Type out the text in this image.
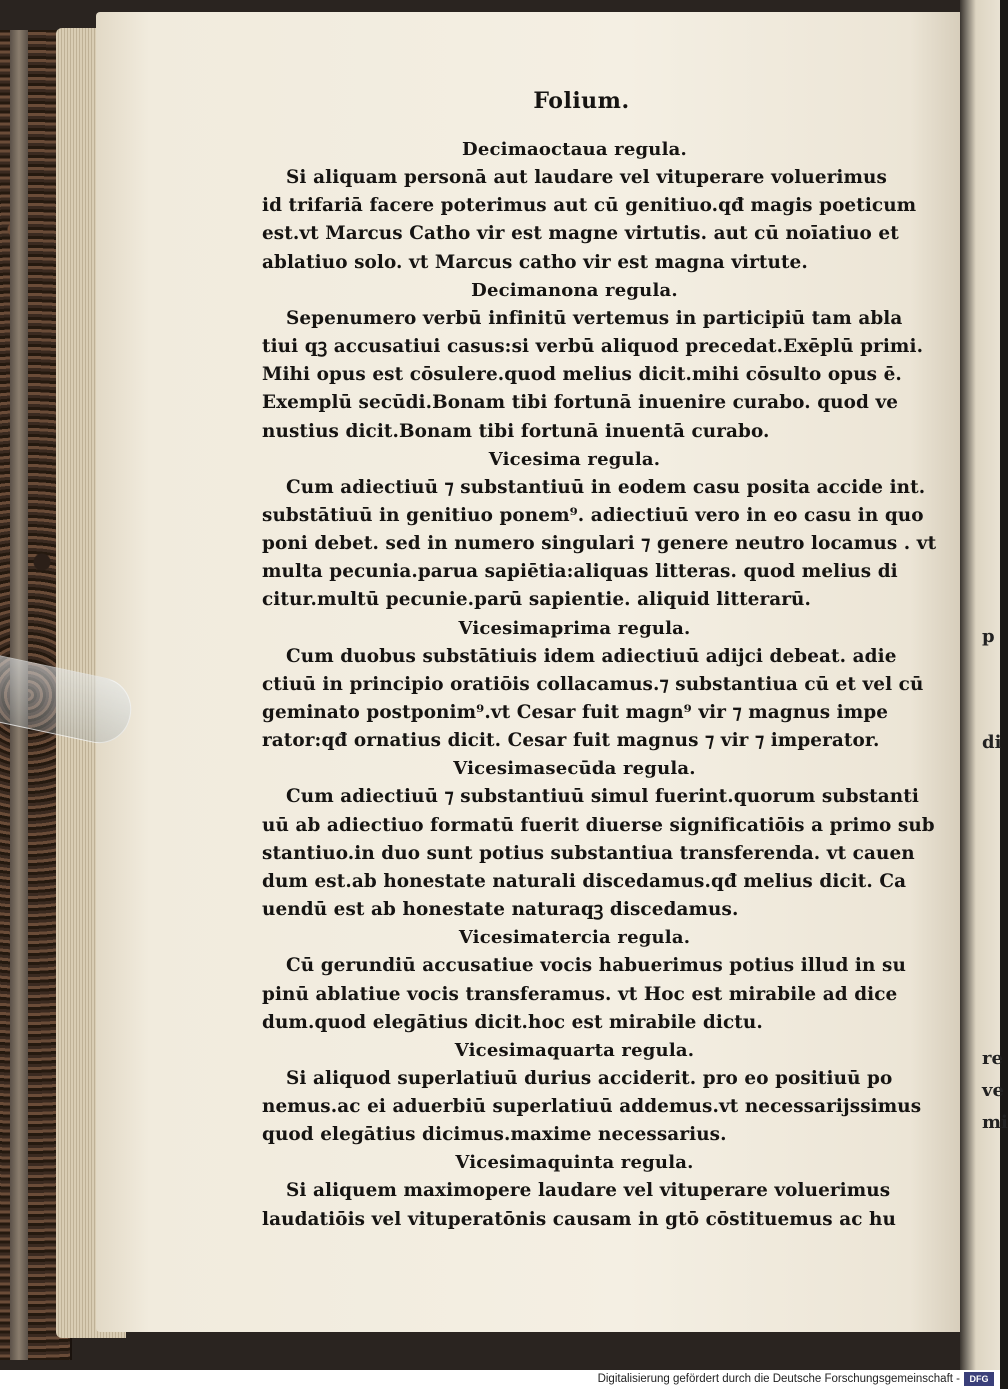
p
re
ve
mi
di
Folium.
Decimaoctaua regula.
Si aliquam personā aut laudare vel vituperare voluerimus
id trifariā facere poterimus aut cū genitiuo.qđ magis poeticum
est.vt Marcus Catho vir est magne virtutis. aut cū noīatiuo et
ablatiuo solo. vt Marcus catho vir est magna virtute.
Decimanona regula.
Sepenumero verbū infinitū vertemus in participiū tam abla
tiui qꝫ accusatiui casus:si verbū aliquod precedat.Exēplū primi.
Mihi opus est cōsulere.quod melius dicit.mihi cōsulto opus ē.
Exemplū secūdi.Bonam tibi fortunā inuenire curabo. quod ve
nustius dicit.Bonam tibi fortunā inuentā curabo.
Vicesima regula.
Cum adiectiuū ⁊ substantiuū in eodem casu posita accide int.
substātiuū in genitiuo ponem⁹. adiectiuū vero in eo casu in quo
poni debet. sed in numero singulari ⁊ genere neutro locamus . vt
multa pecunia.parua sapiētia:aliquas litteras. quod melius di
citur.multū pecunie.parū sapientie. aliquid litterarū.
Vicesimaprima regula.
Cum duobus substātiuis idem adiectiuū adijci debeat. adie
ctiuū in principio oratiōis collacamus.⁊ substantiua cū et vel cū
geminato postponim⁹.vt Cesar fuit magn⁹ vir ⁊ magnus impe
rator:qđ ornatius dicit. Cesar fuit magnus ⁊ vir ⁊ imperator.
Vicesimasecūda regula.
Cum adiectiuū ⁊ substantiuū simul fuerint.quorum substanti
uū ab adiectiuo formatū fuerit diuerse significatiōis a primo sub
stantiuo.in duo sunt potius substantiua transferenda. vt cauen
dum est.ab honestate naturali discedamus.qđ melius dicit. Ca
uendū est ab honestate naturaqꝫ discedamus.
Vicesimatercia regula.
Cū gerundiū accusatiue vocis habuerimus potius illud in su
pinū ablatiue vocis transferamus. vt Hoc est mirabile ad dice
dum.quod elegātius dicit.hoc est mirabile dictu.
Vicesimaquarta regula.
Si aliquod superlatiuū durius acciderit. pro eo positiuū po
nemus.ac ei aduerbiū superlatiuū addemus.vt necessarijssimus
quod elegātius dicimus.maxime necessarius.
Vicesimaquinta regula.
Si aliquem maximopere laudare vel vituperare voluerimus
laudatiōis vel vituperatōnis causam in gtō cōstituemus ac hu
Digitalisierung gefördert durch die Deutsche Forschungsgemeinschaft -	DFG
